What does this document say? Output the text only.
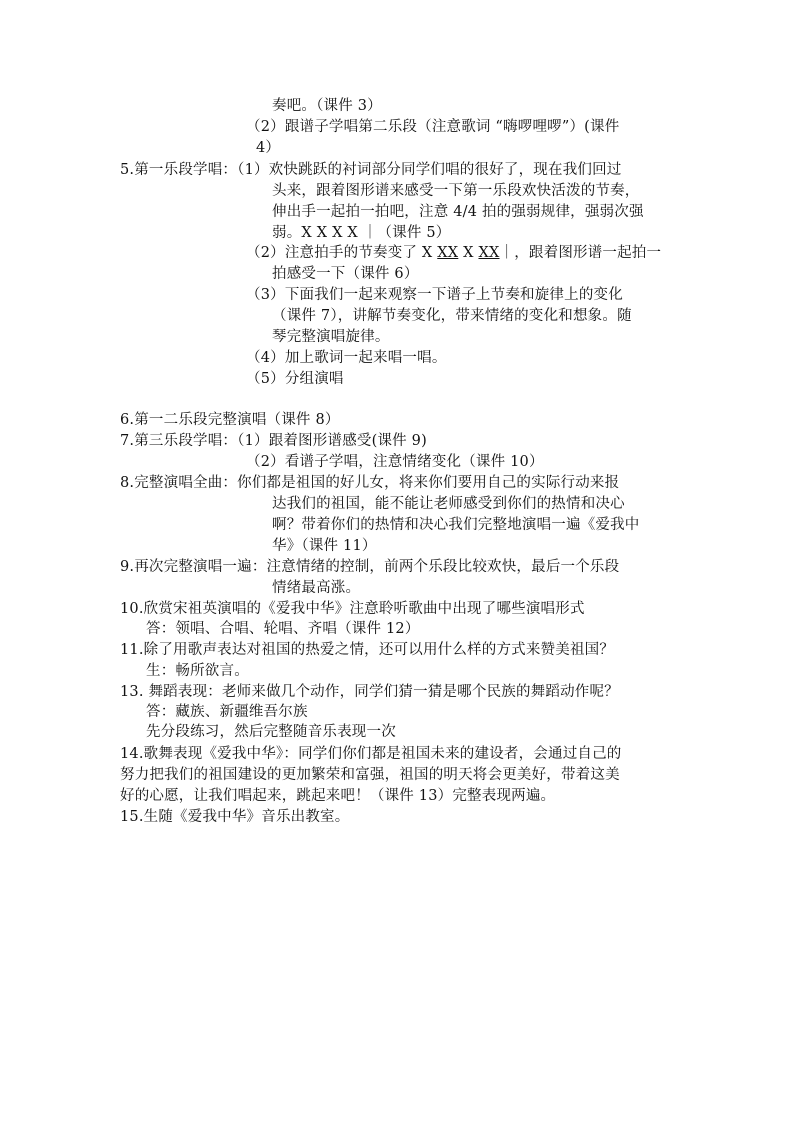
奏吧。（课件 3）
（2）跟谱子学唱第二乐段（注意歌词 “嗨啰哩啰”）(课件
4）
5.第一乐段学唱：（1）欢快跳跃的衬词部分同学们唱的很好了，现在我们回过
头来，跟着图形谱来感受一下第一乐段欢快活泼的节奏，
伸出手一起拍一拍吧，注意 4/4 拍的强弱规律，强弱次强
弱。X X X X ｜（课件 5）
（2）注意拍手的节奏变了 X XX X XX｜，跟着图形谱一起拍一
拍感受一下（课件 6）
（3）下面我们一起来观察一下谱子上节奏和旋律上的变化
（课件 7），讲解节奏变化，带来情绪的变化和想象。随
琴完整演唱旋律。
（4）加上歌词一起来唱一唱。
（5）分组演唱
6.第一二乐段完整演唱（课件 8）
7.第三乐段学唱：（1）跟着图形谱感受(课件 9)
（2）看谱子学唱，注意情绪变化（课件 10）
8.完整演唱全曲：你们都是祖国的好儿女，将来你们要用自己的实际行动来报
达我们的祖国，能不能让老师感受到你们的热情和决心
啊？带着你们的热情和决心我们完整地演唱一遍《爱我中
华》（课件 11）
9.再次完整演唱一遍：注意情绪的控制，前两个乐段比较欢快，最后一个乐段
情绪最高涨。
10.欣赏宋祖英演唱的《爱我中华》注意聆听歌曲中出现了哪些演唱形式
答：领唱、合唱、轮唱、齐唱（课件 12）
11.除了用歌声表达对祖国的热爱之情，还可以用什么样的方式来赞美祖国？
生：畅所欲言。
13. 舞蹈表现：老师来做几个动作，同学们猜一猜是哪个民族的舞蹈动作呢？
答：藏族、新疆维吾尔族
先分段练习，然后完整随音乐表现一次
14.歌舞表现《爱我中华》：同学们你们都是祖国未来的建设者，会通过自己的
努力把我们的祖国建设的更加繁荣和富强，祖国的明天将会更美好，带着这美
好的心愿，让我们唱起来，跳起来吧！（课件 13）完整表现两遍。
15.生随《爱我中华》音乐出教室。
